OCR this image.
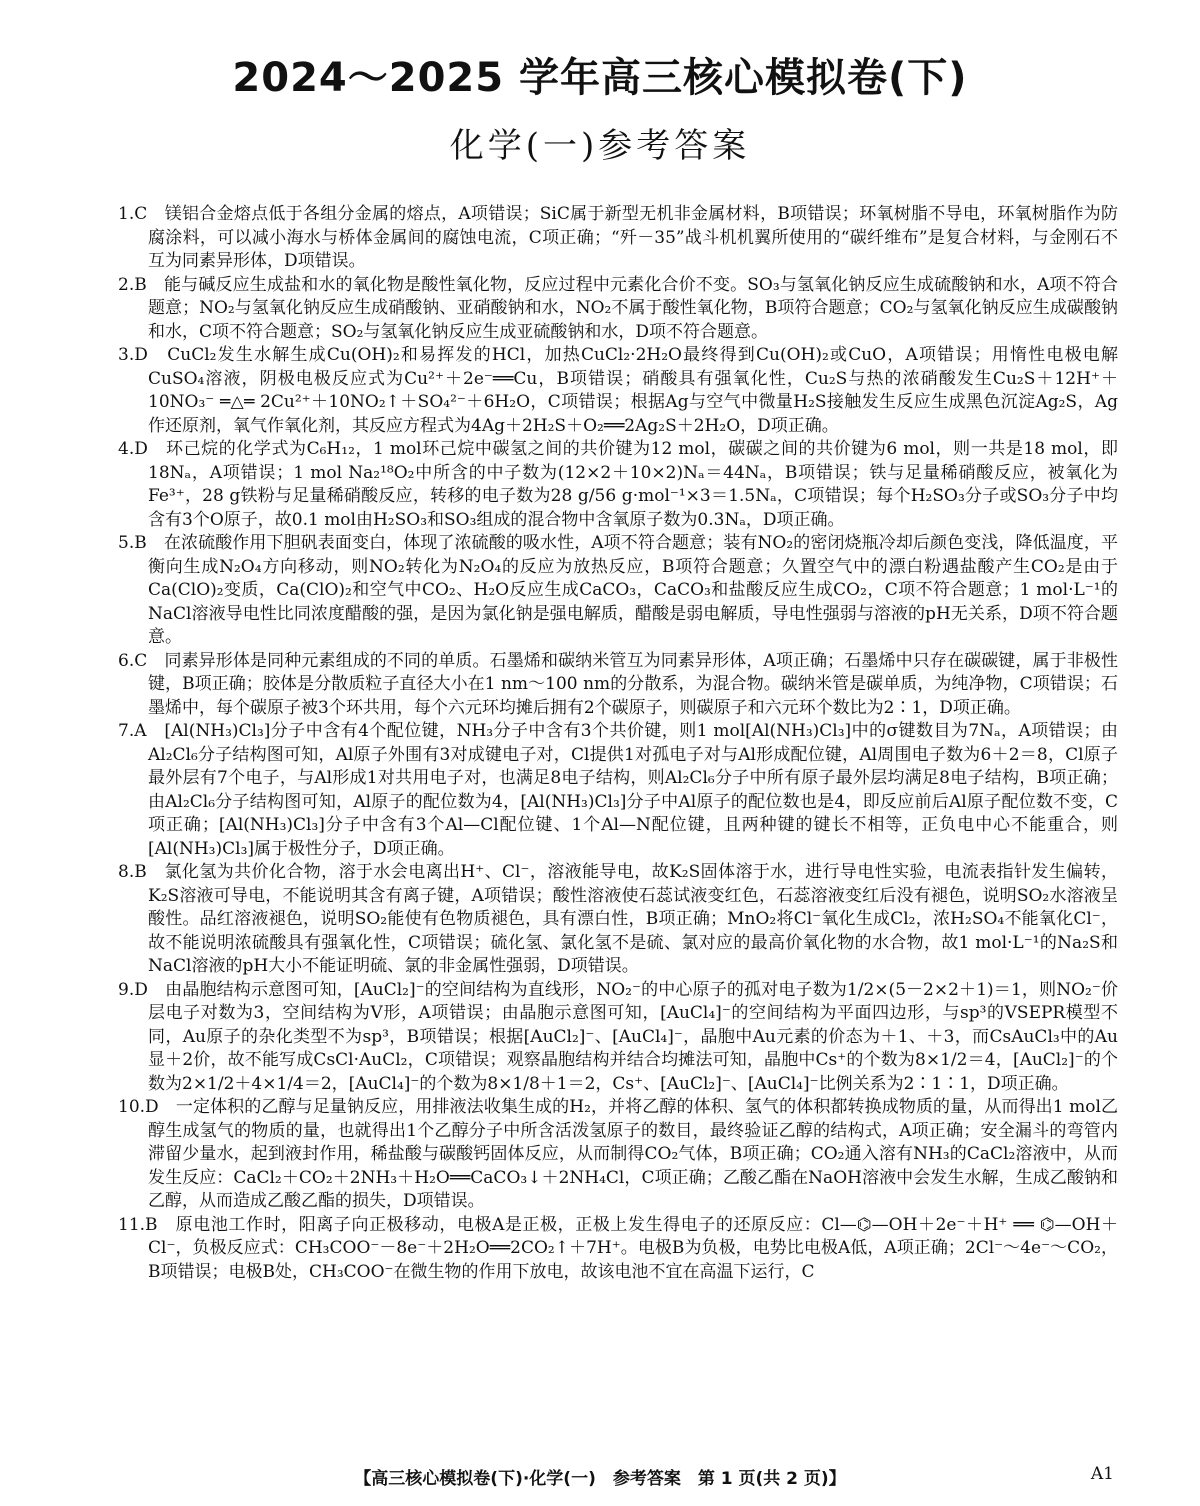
2024～2025 学年高三核心模拟卷(下)
化学(一)参考答案

1.C　镁铝合金熔点低于各组分金属的熔点，A项错误；SiC属于新型无机非金属材料，B项错误；环氧树脂不导电，环氧树脂作为防腐涂料，可以减小海水与桥体金属间的腐蚀电流，C项正确；“歼－35”战斗机机翼所使用的“碳纤维布”是复合材料，与金刚石不互为同素异形体，D项错误。

2.B　能与碱反应生成盐和水的氧化物是酸性氧化物，反应过程中元素化合价不变。SO₃与氢氧化钠反应生成硫酸钠和水，A项不符合题意；NO₂与氢氧化钠反应生成硝酸钠、亚硝酸钠和水，NO₂不属于酸性氧化物，B项符合题意；CO₂与氢氧化钠反应生成碳酸钠和水，C项不符合题意；SO₂与氢氧化钠反应生成亚硫酸钠和水，D项不符合题意。

3.D　CuCl₂发生水解生成Cu(OH)₂和易挥发的HCl，加热CuCl₂·2H₂O最终得到Cu(OH)₂或CuO，A项错误；用惰性电极电解CuSO₄溶液，阴极电极反应式为Cu²⁺＋2e⁻══Cu，B项错误；硝酸具有强氧化性，Cu₂S与热的浓硝酸发生Cu₂S＋12H⁺＋10NO₃⁻ ═△═ 2Cu²⁺＋10NO₂↑＋SO₄²⁻＋6H₂O，C项错误；根据Ag与空气中微量H₂S接触发生反应生成黑色沉淀Ag₂S，Ag作还原剂，氧气作氧化剂，其反应方程式为4Ag＋2H₂S＋O₂══2Ag₂S＋2H₂O，D项正确。

4.D　环己烷的化学式为C₆H₁₂，1 mol环己烷中碳氢之间的共价键为12 mol，碳碳之间的共价键为6 mol，则一共是18 mol，即18Nₐ，A项错误；1 mol Na₂¹⁸O₂中所含的中子数为(12×2＋10×2)Nₐ＝44Nₐ，B项错误；铁与足量稀硝酸反应，被氧化为Fe³⁺，28 g铁粉与足量稀硝酸反应，转移的电子数为28 g/56 g·mol⁻¹×3＝1.5Nₐ，C项错误；每个H₂SO₃分子或SO₃分子中均含有3个O原子，故0.1 mol由H₂SO₃和SO₃组成的混合物中含氧原子数为0.3Nₐ，D项正确。

5.B　在浓硫酸作用下胆矾表面变白，体现了浓硫酸的吸水性，A项不符合题意；装有NO₂的密闭烧瓶冷却后颜色变浅，降低温度，平衡向生成N₂O₄方向移动，则NO₂转化为N₂O₄的反应为放热反应，B项符合题意；久置空气中的漂白粉遇盐酸产生CO₂是由于Ca(ClO)₂变质，Ca(ClO)₂和空气中CO₂、H₂O反应生成CaCO₃，CaCO₃和盐酸反应生成CO₂，C项不符合题意；1 mol·L⁻¹的NaCl溶液导电性比同浓度醋酸的强，是因为氯化钠是强电解质，醋酸是弱电解质，导电性强弱与溶液的pH无关系，D项不符合题意。

6.C　同素异形体是同种元素组成的不同的单质。石墨烯和碳纳米管互为同素异形体，A项正确；石墨烯中只存在碳碳键，属于非极性键，B项正确；胶体是分散质粒子直径大小在1 nm～100 nm的分散系，为混合物。碳纳米管是碳单质，为纯净物，C项错误；石墨烯中，每个碳原子被3个环共用，每个六元环均摊后拥有2个碳原子，则碳原子和六元环个数比为2∶1，D项正确。

7.A　[Al(NH₃)Cl₃]分子中含有4个配位键，NH₃分子中含有3个共价键，则1 mol[Al(NH₃)Cl₃]中的σ键数目为7Nₐ，A项错误；由Al₂Cl₆分子结构图可知，Al原子外围有3对成键电子对，Cl提供1对孤电子对与Al形成配位键，Al周围电子数为6＋2＝8，Cl原子最外层有7个电子，与Al形成1对共用电子对，也满足8电子结构，则Al₂Cl₆分子中所有原子最外层均满足8电子结构，B项正确；由Al₂Cl₆分子结构图可知，Al原子的配位数为4，[Al(NH₃)Cl₃]分子中Al原子的配位数也是4，即反应前后Al原子配位数不变，C项正确；[Al(NH₃)Cl₃]分子中含有3个Al—Cl配位键、1个Al—N配位键，且两种键的键长不相等，正负电中心不能重合，则[Al(NH₃)Cl₃]属于极性分子，D项正确。

8.B　氯化氢为共价化合物，溶于水会电离出H⁺、Cl⁻，溶液能导电，故K₂S固体溶于水，进行导电性实验，电流表指针发生偏转，K₂S溶液可导电，不能说明其含有离子键，A项错误；酸性溶液使石蕊试液变红色，石蕊溶液变红后没有褪色，说明SO₂水溶液呈酸性。品红溶液褪色，说明SO₂能使有色物质褪色，具有漂白性，B项正确；MnO₂将Cl⁻氧化生成Cl₂，浓H₂SO₄不能氧化Cl⁻，故不能说明浓硫酸具有强氧化性，C项错误；硫化氢、氯化氢不是硫、氯对应的最高价氧化物的水合物，故1 mol·L⁻¹的Na₂S和NaCl溶液的pH大小不能证明硫、氯的非金属性强弱，D项错误。

9.D　由晶胞结构示意图可知，[AuCl₂]⁻的空间结构为直线形，NO₂⁻的中心原子的孤对电子数为1/2×(5－2×2＋1)＝1，则NO₂⁻价层电子对数为3，空间结构为V形，A项错误；由晶胞示意图可知，[AuCl₄]⁻的空间结构为平面四边形，与sp³的VSEPR模型不同，Au原子的杂化类型不为sp³，B项错误；根据[AuCl₂]⁻、[AuCl₄]⁻，晶胞中Au元素的价态为＋1、＋3，而CsAuCl₃中的Au显＋2价，故不能写成CsCl·AuCl₂，C项错误；观察晶胞结构并结合均摊法可知，晶胞中Cs⁺的个数为8×1/2＝4，[AuCl₂]⁻的个数为2×1/2＋4×1/4＝2，[AuCl₄]⁻的个数为8×1/8＋1＝2，Cs⁺、[AuCl₂]⁻、[AuCl₄]⁻比例关系为2∶1∶1，D项正确。

10.D　一定体积的乙醇与足量钠反应，用排液法收集生成的H₂，并将乙醇的体积、氢气的体积都转换成物质的量，从而得出1 mol乙醇生成氢气的物质的量，也就得出1个乙醇分子中所含活泼氢原子的数目，最终验证乙醇的结构式，A项正确；安全漏斗的弯管内滞留少量水，起到液封作用，稀盐酸与碳酸钙固体反应，从而制得CO₂气体，B项正确；CO₂通入溶有NH₃的CaCl₂溶液中，从而发生反应：CaCl₂＋CO₂＋2NH₃＋H₂O══CaCO₃↓＋2NH₄Cl，C项正确；乙酸乙酯在NaOH溶液中会发生水解，生成乙酸钠和乙醇，从而造成乙酸乙酯的损失，D项错误。

11.B　原电池工作时，阳离子向正极移动，电极A是正极，正极上发生得电子的还原反应：Cl—⌬—OH＋2e⁻＋H⁺ ══ ⌬—OH＋Cl⁻，负极反应式：CH₃COO⁻－8e⁻＋2H₂O══2CO₂↑＋7H⁺。电极B为负极，电势比电极A低，A项正确；2Cl⁻～4e⁻～CO₂，B项错误；电极B处，CH₃COO⁻在微生物的作用下放电，故该电池不宜在高温下运行，C

【高三核心模拟卷(下)·化学(一)　参考答案　第 1 页(共 2 页)】	A1
